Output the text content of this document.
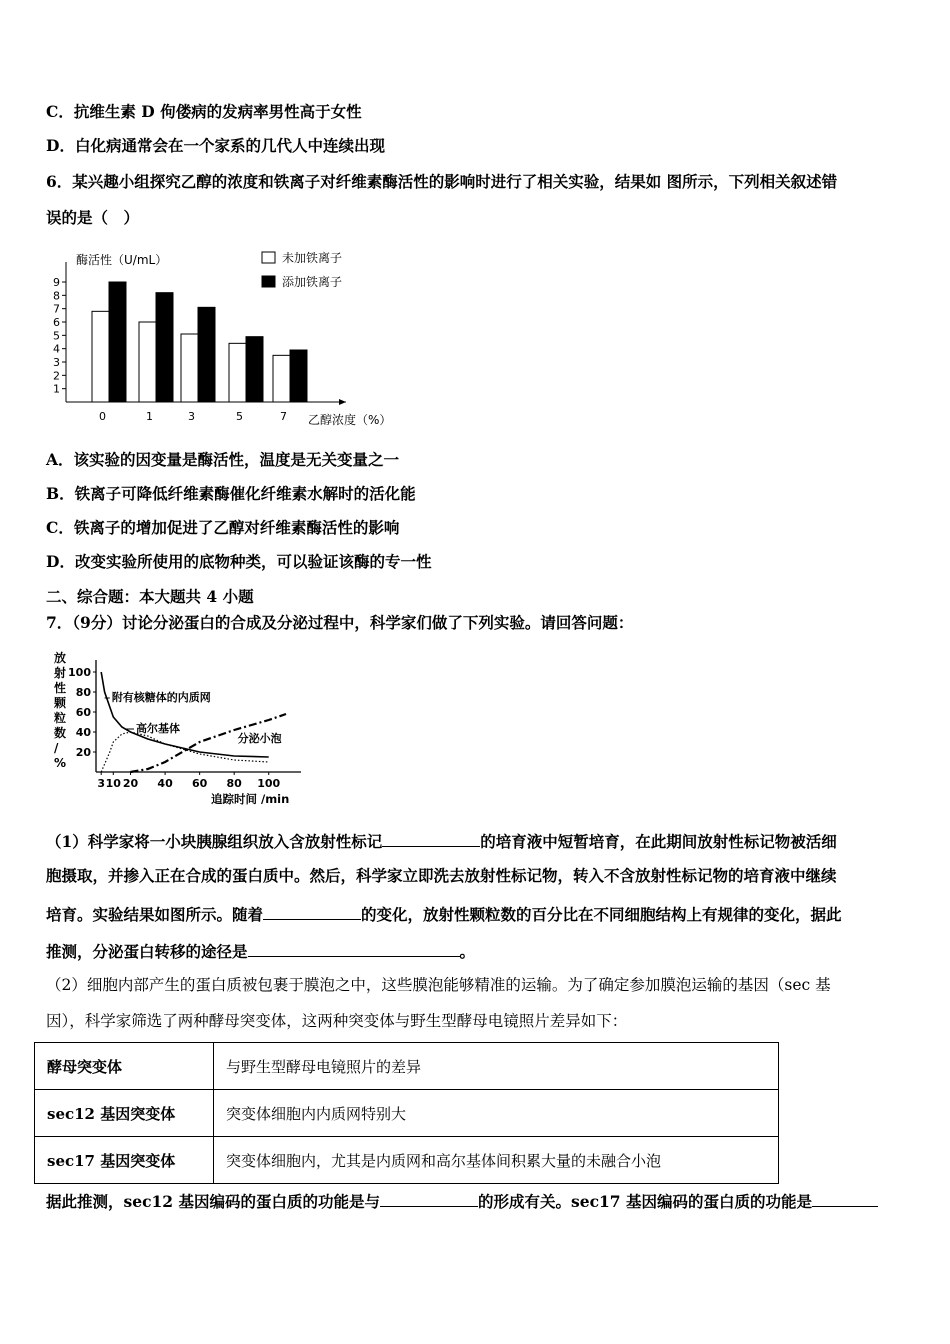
C．抗维生素 D 佝偻病的发病率男性高于女性
D．白化病通常会在一个家系的几代人中连续出现
6．某兴趣小组探究乙醇的浓度和铁离子对纤维素酶活性的影响时进行了相关实验，结果如 图所示，下列相关叙述错
误的是（　）
1
2
3
4
5
6
7
8
9
酶活性（U/mL）
乙醇浓度（%）
0	1	3	5	7
未加铁离子
添加铁离子
A．该实验的因变量是酶活性，温度是无关变量之一
B．铁离子可降低纤维素酶催化纤维素水解时的活化能
C．铁离子的增加促进了乙醇对纤维素酶活性的影响
D．改变实验所使用的底物种类，可以验证该酶的专一性
二、综合题：本大题共 4 小题
7．（9分）讨论分泌蛋白的合成及分泌过程中，科学家们做了下列实验。请回答问题：
20
40
60
80
100
3 10 20 40 60 80 100
放
射
性
颗
粒
数
/
%
追踪时间 /min
附有核糖体的内质网
高尔基体
分泌小泡
（1）科学家将一小块胰腺组织放入含放射性标记	的培育液中短暂培育，在此期间放射性标记物被活细
胞摄取，并掺入正在合成的蛋白质中。然后，科学家立即洗去放射性标记物，转入不含放射性标记物的培育液中继续
培育。实验结果如图所示。随着	的变化，放射性颗粒数的百分比在不同细胞结构上有规律的变化，据此
推测，分泌蛋白转移的途径是	。
（2）细胞内部产生的蛋白质被包裹于膜泡之中，这些膜泡能够精准的运输。为了确定参加膜泡运输的基因（sec 基
因），科学家筛选了两种酵母突变体，这两种突变体与野生型酵母电镜照片差异如下：
酵母突变体	与野生型酵母电镜照片的差异
sec12 基因突变体	突变体细胞内内质网特别大
sec17 基因突变体	突变体细胞内，尤其是内质网和高尔基体间积累大量的未融合小泡
据此推测，sec12 基因编码的蛋白质的功能是与	的形成有关。sec17 基因编码的蛋白质的功能是
